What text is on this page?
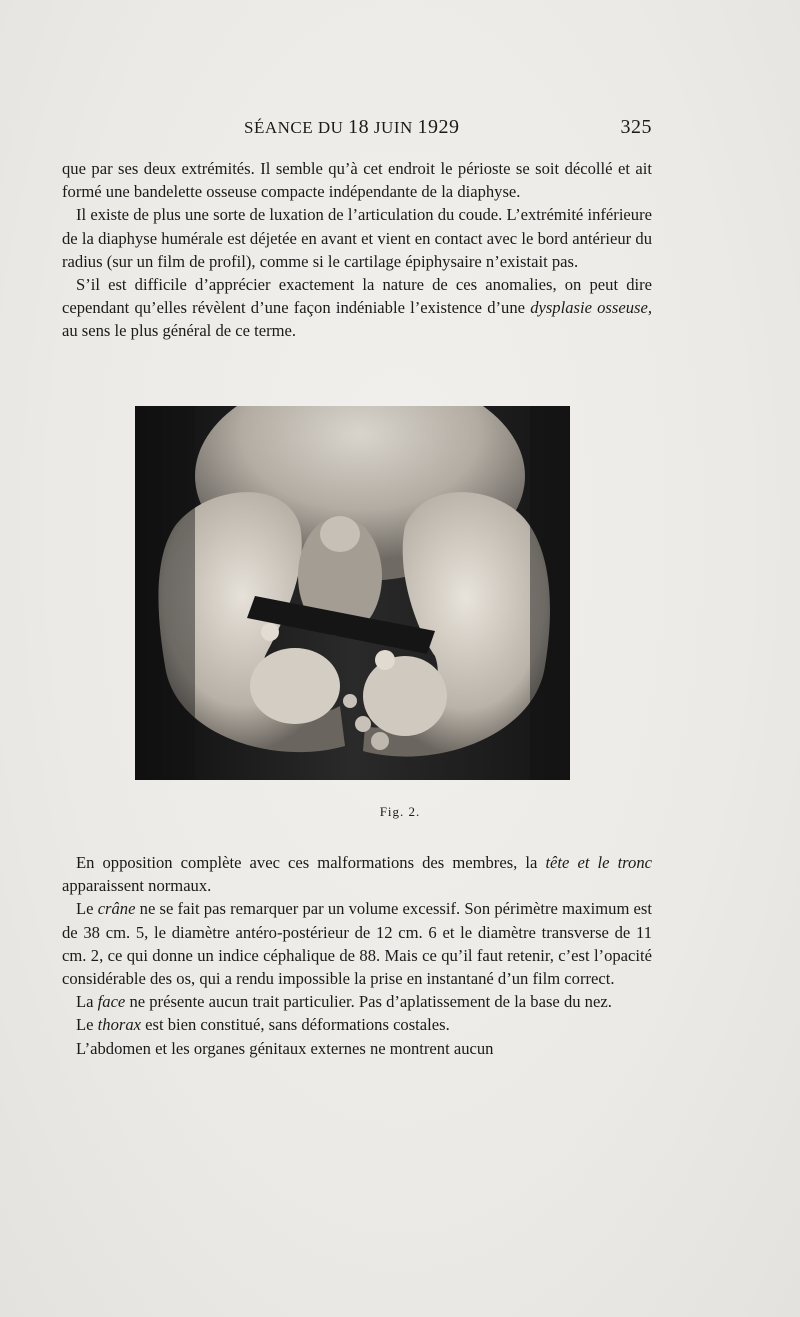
SÉANCE DU 18 JUIN 1929	325

que par ses deux extrémités. Il semble qu’à cet endroit le périoste se soit décollé et ait formé une bandelette osseuse compacte indépendante de la diaphyse.

Il existe de plus une sorte de luxation de l’articulation du coude. L’extrémité inférieure de la diaphyse humérale est déjetée en avant et vient en contact avec le bord antérieur du radius (sur un film de profil), comme si le cartilage épiphysaire n’existait pas.

S’il est difficile d’apprécier exactement la nature de ces anomalies, on peut dire cependant qu’elles révèlent d’une façon indéniable l’existence d’une dysplasie osseuse, au sens le plus général de ce terme.

Fig. 2.

En opposition complète avec ces malformations des membres, la tête et le tronc apparaissent normaux.

Le crâne ne se fait pas remarquer par un volume excessif. Son périmètre maximum est de 38 cm. 5, le diamètre antéro-postérieur de 12 cm. 6 et le diamètre transverse de 11 cm. 2, ce qui donne un indice céphalique de 88. Mais ce qu’il faut retenir, c’est l’opacité considérable des os, qui a rendu impossible la prise en instantané d’un film correct.

La face ne présente aucun trait particulier. Pas d’aplatissement de la base du nez.

Le thorax est bien constitué, sans déformations costales.

L’abdomen et les organes génitaux externes ne montrent aucun
